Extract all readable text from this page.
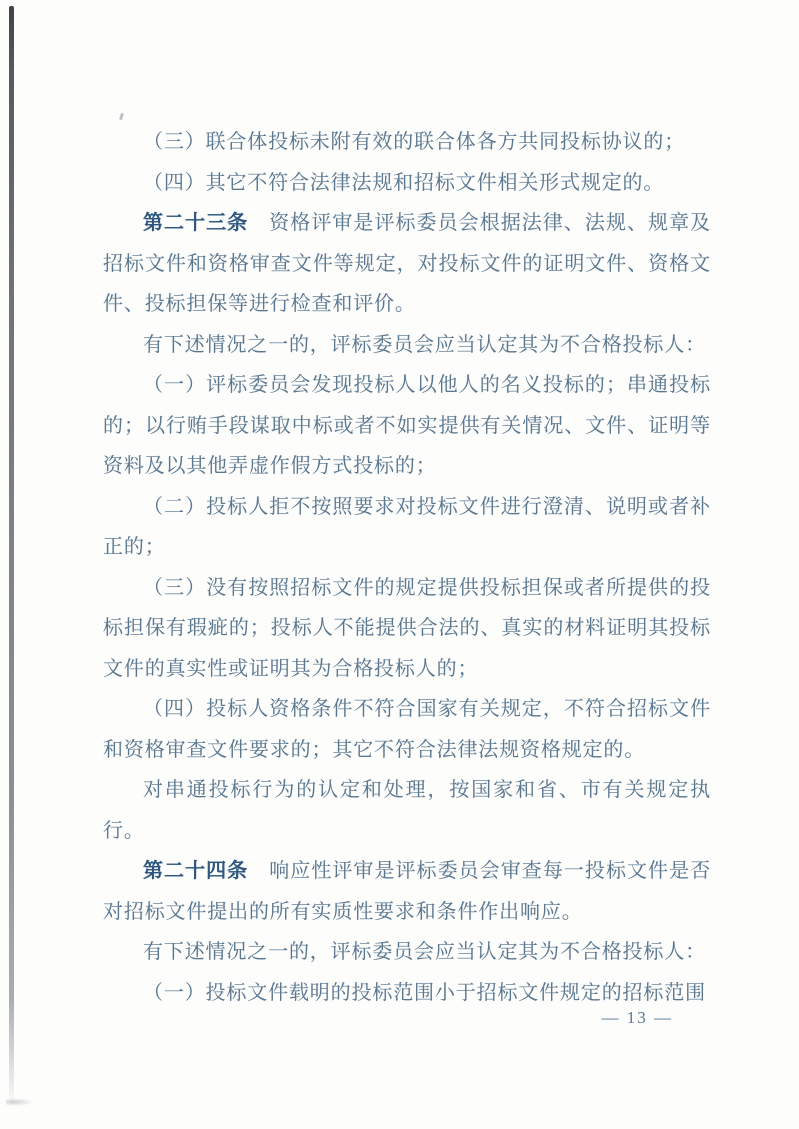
（三）联合体投标未附有效的联合体各方共同投标协议的；

（四）其它不符合法律法规和招标文件相关形式规定的。

第二十三条 资格评审是评标委员会根据法律、法规、规章及招标文件和资格审查文件等规定，对投标文件的证明文件、资格文件、投标担保等进行检查和评价。

有下述情况之一的，评标委员会应当认定其为不合格投标人：

（一）评标委员会发现投标人以他人的名义投标的；串通投标的；以行贿手段谋取中标或者不如实提供有关情况、文件、证明等资料及以其他弄虚作假方式投标的；

（二）投标人拒不按照要求对投标文件进行澄清、说明或者补正的；

（三）没有按照招标文件的规定提供投标担保或者所提供的投标担保有瑕疵的；投标人不能提供合法的、真实的材料证明其投标文件的真实性或证明其为合格投标人的；

（四）投标人资格条件不符合国家有关规定，不符合招标文件和资格审查文件要求的；其它不符合法律法规资格规定的。

对串通投标行为的认定和处理，按国家和省、市有关规定执行。

第二十四条 响应性评审是评标委员会审查每一投标文件是否对招标文件提出的所有实质性要求和条件作出响应。

有下述情况之一的，评标委员会应当认定其为不合格投标人：

（一）投标文件载明的投标范围小于招标文件规定的招标范围

— 13 —
